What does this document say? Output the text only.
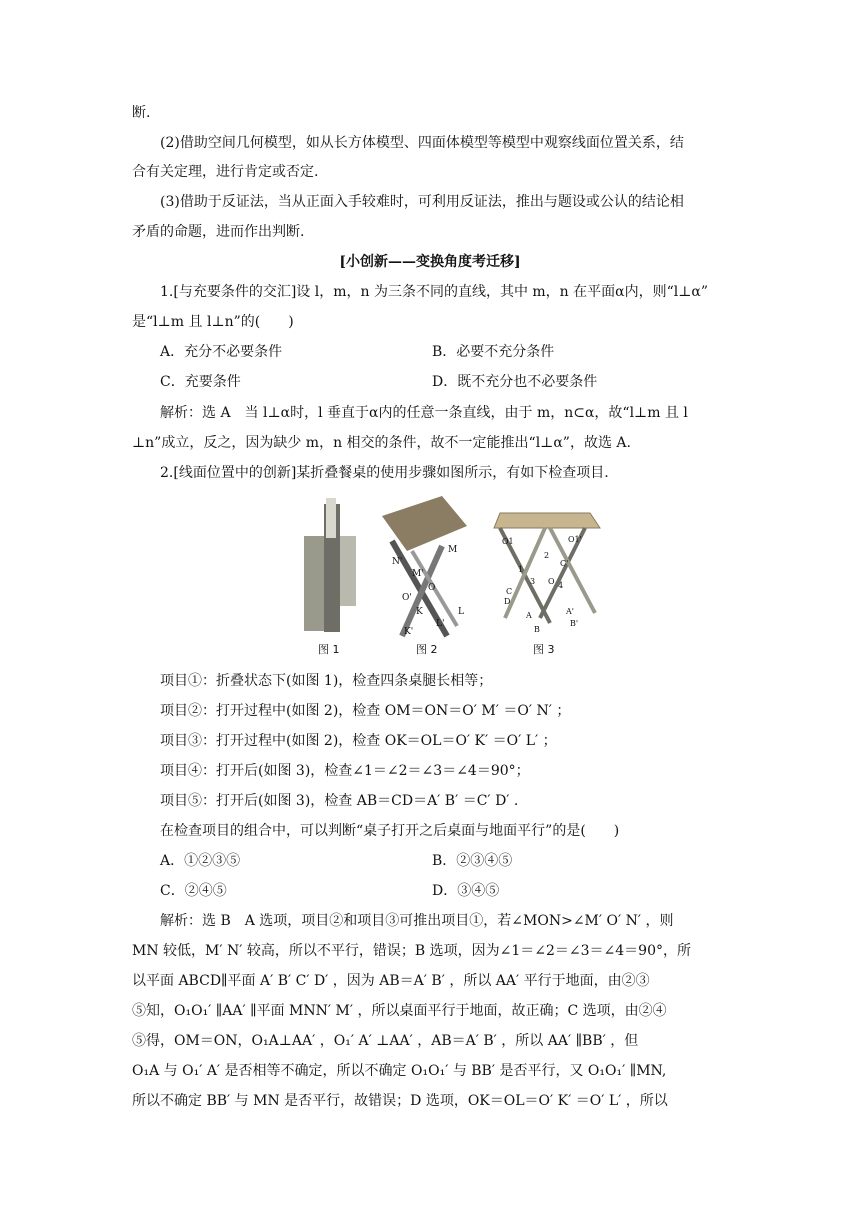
断.
(2)借助空间几何模型，如从长方体模型、四面体模型等模型中观察线面位置关系，结
合有关定理，进行肯定或否定.
(3)借助于反证法，当从正面入手较难时，可利用反证法，推出与题设或公认的结论相
矛盾的命题，进而作出判断.
[小创新——变换角度考迁移]
1.[与充要条件的交汇]设 l，m，n 为三条不同的直线，其中 m，n 在平面α内，则“l⊥α”
是“l⊥m 且 l⊥n”的(　　)
A．充分不必要条件	B．必要不充分条件
C．充要条件	D．既不充分也不必要条件
解析：选 A　当 l⊥α时，l 垂直于α内的任意一条直线，由于 m，n⊂α，故“l⊥m 且 l
⊥n”成立，反之，因为缺少 m，n 相交的条件，故不一定能推出“l⊥α”，故选 A.
2.[线面位置中的创新]某折叠餐桌的使用步骤如图所示，有如下检查项目.
图 1
M
N'
M'
O'
K	L
K'
L'
O
图 2
O1	O1'
2
C'
1
3 O
C
4
D
A	A'
B
B'
图 3
项目①：折叠状态下(如图 1)，检查四条桌腿长相等；
项目②：打开过程中(如图 2)，检查 OM＝ON＝O′ M′ ＝O′ N′ ；
项目③：打开过程中(如图 2)，检查 OK＝OL＝O′ K′ ＝O′ L′ ；
项目④：打开后(如图 3)，检查∠1＝∠2＝∠3＝∠4＝90°；
项目⑤：打开后(如图 3)，检查 AB＝CD＝A′ B′ ＝C′ D′ .
在检查项目的组合中，可以判断“桌子打开之后桌面与地面平行”的是(　　)
A．①②③⑤	B．②③④⑤
C．②④⑤	D．③④⑤
解析：选 B　A 选项，项目②和项目③可推出项目①，若∠MON>∠M′ O′ N′ ，则
MN 较低，M′ N′ 较高，所以不平行，错误；B 选项，因为∠1＝∠2＝∠3＝∠4＝90°，所
以平面 ABCD∥平面 A′ B′ C′ D′ ，因为 AB＝A′ B′ ，所以 AA′ 平行于地面，由②③
⑤知，O₁O₁′ ∥AA′ ∥平面 MNN′ M′ ，所以桌面平行于地面，故正确；C 选项，由②④
⑤得，OM＝ON，O₁A⊥AA′ ，O₁′ A′ ⊥AA′ ，AB＝A′ B′ ，所以 AA′ ∥BB′ ，但
O₁A 与 O₁′ A′ 是否相等不确定，所以不确定 O₁O₁′ 与 BB′ 是否平行，又 O₁O₁′ ∥MN,
所以不确定 BB′ 与 MN 是否平行，故错误；D 选项，OK＝OL＝O′ K′ ＝O′ L′ ，所以
